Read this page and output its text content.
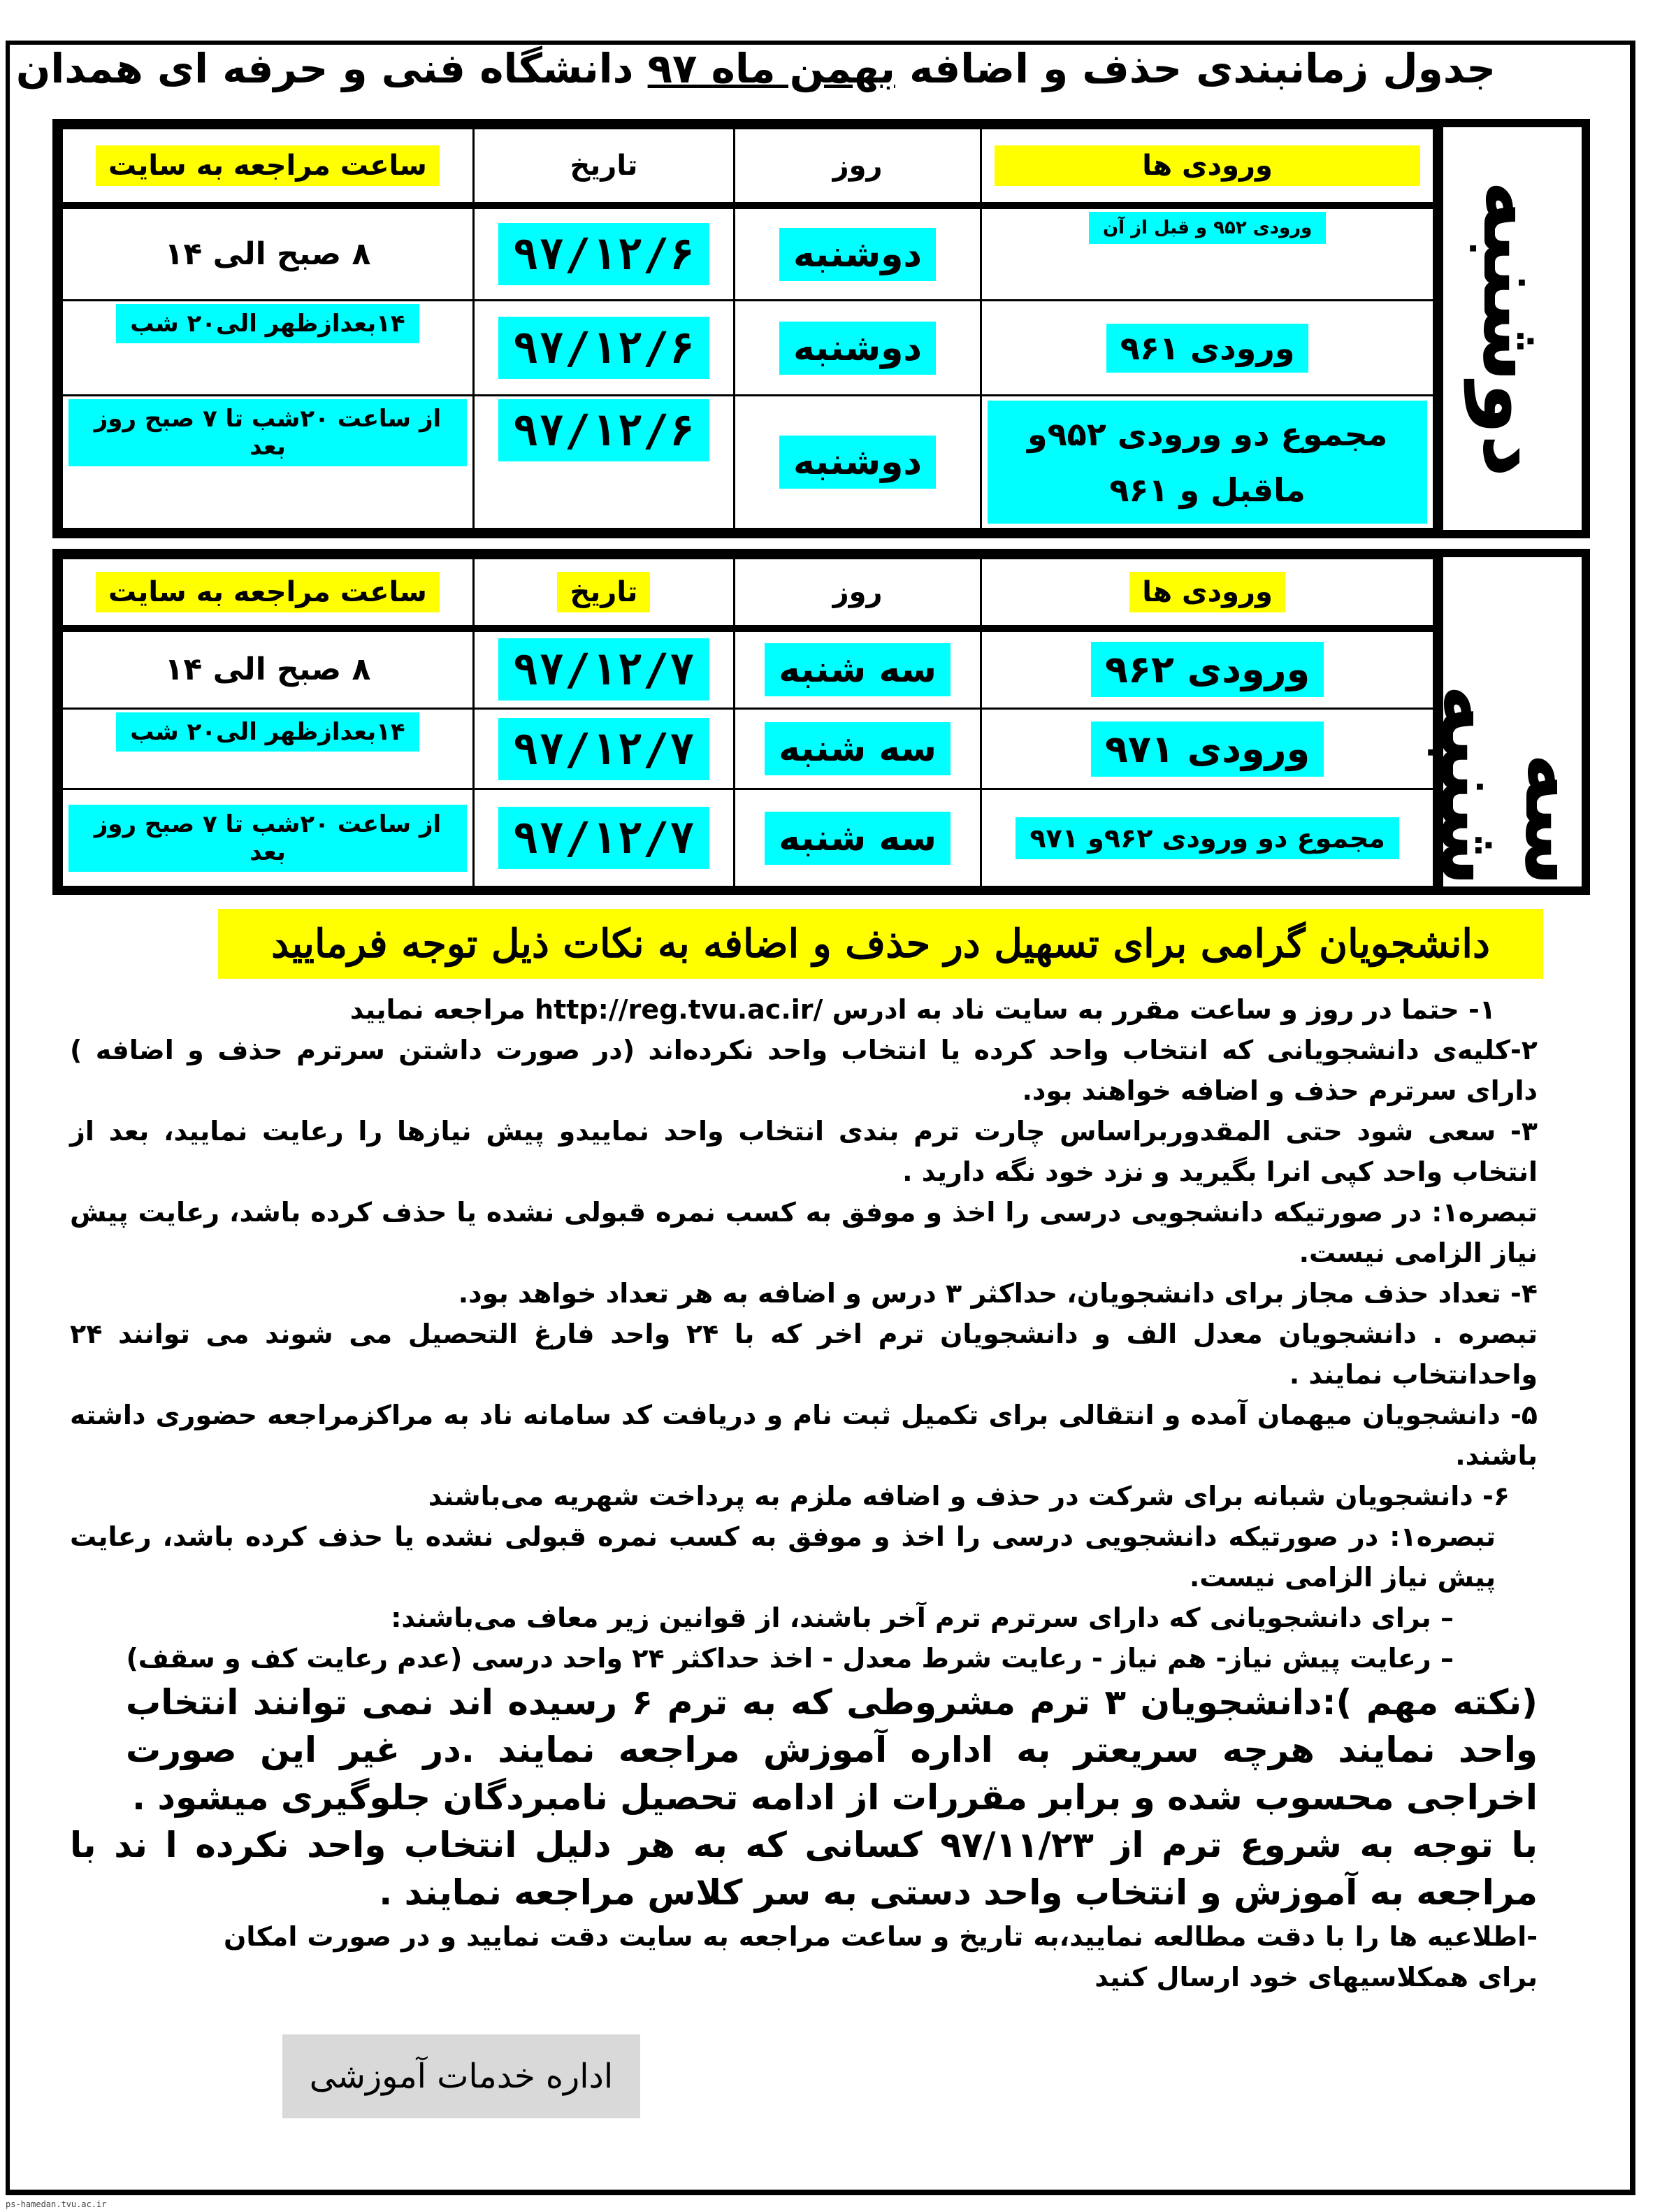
جدول زمانبندی حذف و اضافه بهمن ماه ۹۷ دانشگاه فنی و حرفه ای همدان
ورودی ها	روز	تاریخ	ساعت مراجعه به سایت
ورودی ۹۵۲ و قبل از آن	دوشنبه	۹۷/۱۲/۶	۸ صبح الی ۱۴
ورودی ۹۶۱	دوشنبه	۹۷/۱۲/۶	۱۴بعدازظهر الی۲۰ شب
مجموع دو ورودی ۹۵۲و ماقبل و ۹۶۱	دوشنبه	۹۷/۱۲/۶	از ساعت ۲۰شب تا ۷ صبح روز بعد	دوشنبه
ورودی ها	روز	تاریخ	ساعت مراجعه به سایت
ورودی ۹۶۲	سه شنبه	۹۷/۱۲/۷	۸ صبح الی ۱۴
ورودی ۹۷۱	سه شنبه	۹۷/۱۲/۷	۱۴بعدازظهر الی۲۰ شب
مجموع دو ورودی ۹۶۲و ۹۷۱	سه شنبه	۹۷/۱۲/۷	از ساعت ۲۰شب تا ۷ صبح روز بعد	سه شنبه
دانشجویان گرامی برای تسهیل در حذف و اضافه به نکات ذیل توجه فرمایید

۱- حتما در روز و ساعت مقرر به سایت ناد به ادرس /http://reg.tvu.ac.ir مراجعه نمایید

۲-کلیه‌ی دانشجویانی که انتخاب واحد کرده یا انتخاب واحد نکرده‌اند (در صورت داشتن سرترم حذف و اضافه ) دارای سرترم حذف و اضافه خواهند بود.

۳- سعی شود حتی المقدوربراساس چارت ترم بندی انتخاب واحد نماییدو پیش نیازها را رعایت نمایید، بعد از انتخاب واحد کپی انرا بگیرید و نزد خود نگه دارید .

تبصره۱: در صورتیکه دانشجویی درسی را اخذ و موفق به کسب نمره قبولی نشده یا حذف کرده باشد، رعایت پیش نیاز الزامی نیست.

۴- تعداد حذف مجاز برای دانشجویان، حداکثر ۳ درس و اضافه به هر تعداد خواهد بود.

تبصره . دانشجویان معدل الف و دانشجویان ترم اخر که با ۲۴ واحد فارغ التحصیل می شوند می توانند ۲۴ واحدانتخاب نمایند .

۵- دانشجویان میهمان آمده و انتقالی برای تکمیل ثبت نام و دریافت کد سامانه ناد به مراکزمراجعه حضوری داشته باشند.

۶- دانشجویان شبانه برای شرکت در حذف و اضافه ملزم به پرداخت شهریه می‌باشند

تبصره۱: در صورتیکه دانشجویی درسی را اخذ و موفق به کسب نمره قبولی نشده یا حذف کرده باشد، رعایت پیش نیاز الزامی نیست.

– برای دانشجویانی که دارای سرترم ترم آخر باشند، از قوانین زیر معاف می‌باشند:

– رعایت پیش نیاز- هم نیاز - رعایت شرط معدل - اخذ حداکثر ۲۴ واحد درسی (عدم رعایت کف و سقف)

(نکته مهم ):دانشجویان ۳ ترم مشروطی که به ترم ۶ رسیده اند نمی توانند انتخاب واحد نمایند هرچه سریعتر به اداره آموزش مراجعه نمایند .در غیر این صورت اخراجی محسوب شده و برابر مقررات از ادامه تحصیل نامبردگان جلوگیری میشود .

با توجه به شروع ترم از ۹۷/۱۱/۲۳ کسانی که به هر دلیل انتخاب واحد نکرده ا ند با مراجعه به آموزش و انتخاب واحد دستی به سر کلاس مراجعه نمایند .

-اطلاعیه ها را با دقت مطالعه نمایید،به تاریخ و ساعت مراجعه به سایت دقت نمایید و در صورت امکان برای همکلاسیهای خود ارسال کنید

اداره خدمات آموزشی
ps-hamedan.tvu.ac.ir
